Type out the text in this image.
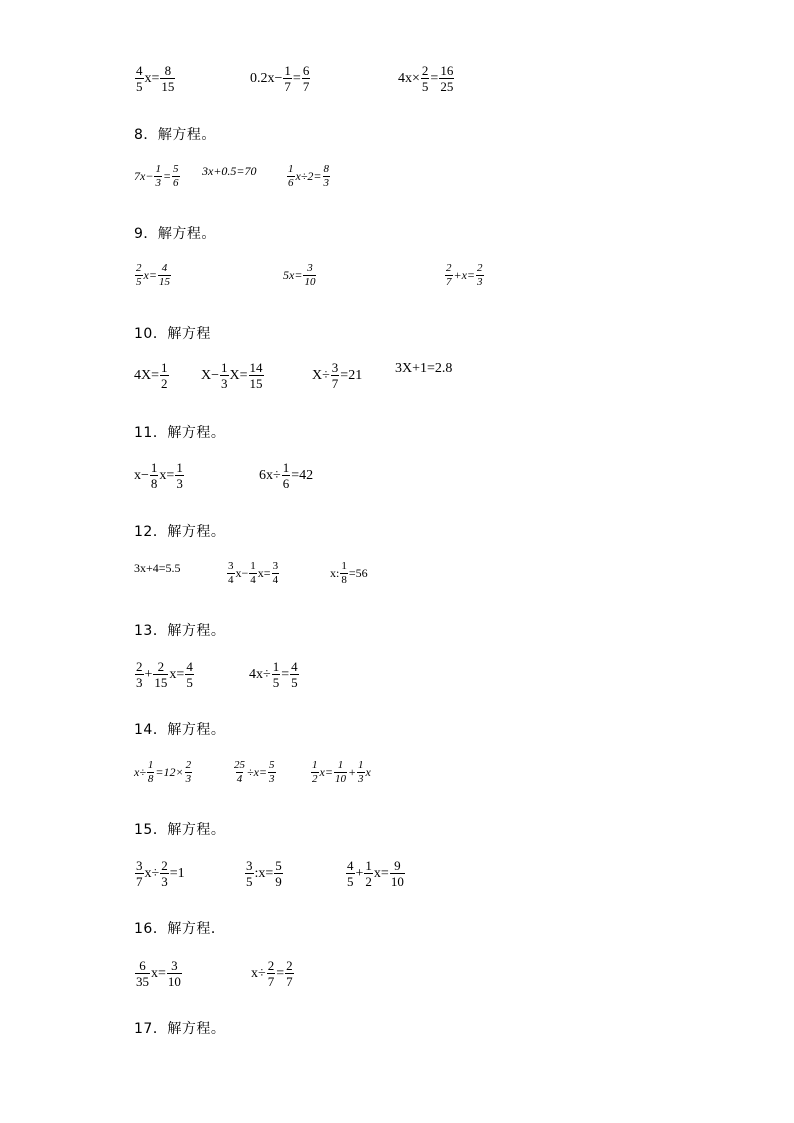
$\frac{4}{5} x= \frac{8}{15}$	$0.2x- \frac{1}{7} = \frac{6}{7}$	$4x\times \frac{2}{5} = \frac{16}{25}$
8．解方程。
$7x- \frac{1}{3} = \frac{5}{6} 3x+0.5=70$	$\frac{1}{6} x\div 2= \frac{8}{3}$
9．解方程。
$\frac{2}{5} x= \frac{4}{15}$	$5x= \frac{3}{10}$	$\frac{2}{7} +x= \frac{2}{3}$
10．解方程
$4X= \frac{1}{2} X- \frac{1}{3} X= \frac{14}{15}$	$X\div \frac{3}{7} =21$ 3X+1=2.8
11．解方程。
$x- \frac{1}{8} x= \frac{1}{3}$	$6x\div \frac{1}{6} =42$
12．解方程。
3x+4=5.5	$\frac{3}{4} x- \frac{1}{4} x= \frac{3}{4}$	x: $\frac{1}{8} =56$
13．解方程。
$\frac{2}{3} + \frac{2}{15} x= \frac{4}{5}$	$4x\div \frac{1}{5} = \frac{4}{5}$
14．解方程。
$x\div \frac{1}{8} =12\times \frac{2}{3}$	$\frac{25}{4} \div x= \frac{5}{3}$	$\frac{1}{2} x= \frac{1}{10} + \frac{1}{3}$ x
15．解方程。
$\frac{3}{7} x\div \frac{2}{3} =1$	$\frac{3}{5}$ :x= $\frac{5}{9}$	$\frac{4}{5} + \frac{1}{2} x= \frac{9}{10}$
16．解方程．
$\frac{6}{35} x= \frac{3}{10}$	$x\div \frac{2}{7} = \frac{2}{7}$
17．解方程。
